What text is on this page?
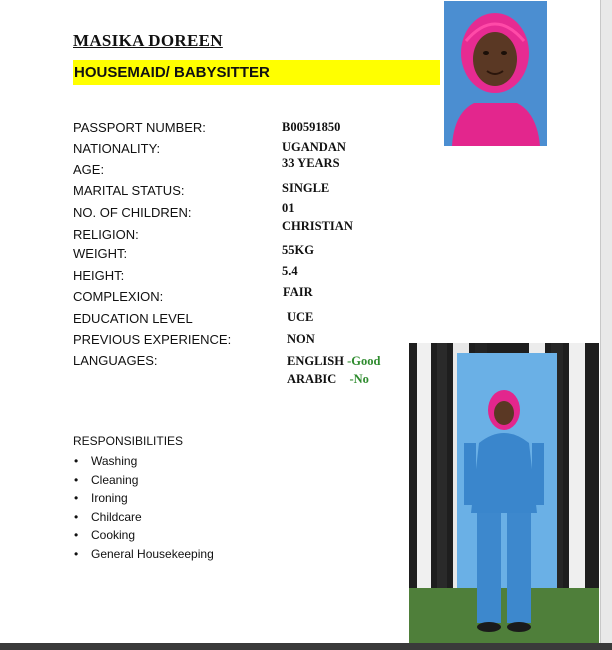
MASIKA DOREEN
HOUSEMAID/ BABYSITTER
PASSPORT NUMBER:
NATIONALITY:
AGE:
MARITAL STATUS:
NO. OF CHILDREN:
RELIGION:
WEIGHT:
HEIGHT:
COMPLEXION:
EDUCATION LEVEL
PREVIOUS EXPERIENCE:
LANGUAGES:
B00591850
UGANDAN
33 YEARS
SINGLE
01
CHRISTIAN
55KG
5.4
FAIR
UCE
NON
ENGLISH -Good
ARABIC -No
RESPONSIBILITIES
• Washing
• Cleaning
• Ironing
• Childcare
• Cooking
• General Housekeeping
